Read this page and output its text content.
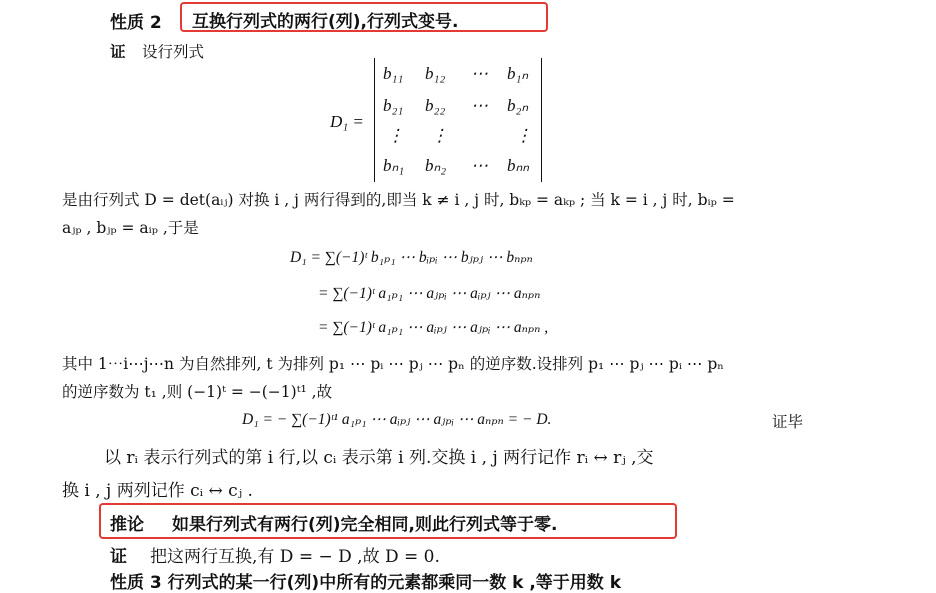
性质 2 互换行列式的两行(列),行列式变号.
证 设行列式
D₁ =
b₁₁ b₁₂ ⋯ b₁ₙ
b₂₁ b₂₂ ⋯ b₂ₙ
⋮ ⋮	⋮
bₙ₁ bₙ₂ ⋯ bₙₙ
是由行列式 D = det(aᵢⱼ) 对换 i , j 两行得到的,即当 k ≠ i , j 时, bₖₚ = aₖₚ ; 当 k = i , j 时, bᵢₚ =
aⱼₚ , bⱼₚ = aᵢₚ ,于是
D₁ = ∑(−1)ᵗ b₁ₚ₁ ⋯ bᵢₚᵢ ⋯ bⱼₚⱼ ⋯ bₙₚₙ
= ∑(−1)ᵗ a₁ₚ₁ ⋯ aⱼₚᵢ ⋯ aᵢₚⱼ ⋯ aₙₚₙ
= ∑(−1)ᵗ a₁ₚ₁ ⋯ aᵢₚⱼ ⋯ aⱼₚᵢ ⋯ aₙₚₙ ,
其中 1⋯i⋯j⋯n 为自然排列, t 为排列 p₁ ⋯ pᵢ ⋯ pⱼ ⋯ pₙ 的逆序数.设排列 p₁ ⋯ pⱼ ⋯ pᵢ ⋯ pₙ
的逆序数为 t₁ ,则 (−1)ᵗ = −(−1)ᵗ¹ ,故
D₁ = − ∑(−1)ᵗ¹ a₁ₚ₁ ⋯ aᵢₚⱼ ⋯ aⱼₚᵢ ⋯ aₙₚₙ = − D.	证毕
以 rᵢ 表示行列式的第 i 行,以 cᵢ 表示第 i 列.交换 i , j 两行记作 rᵢ ↔ rⱼ ,交
换 i , j 两列记作 cᵢ ↔ cⱼ .
推论 如果行列式有两行(列)完全相同,则此行列式等于零.
证 把这两行互换,有 D = − D ,故 D = 0.
性质 3 行列式的某一行(列)中所有的元素都乘同一数 k ,等于用数 k
